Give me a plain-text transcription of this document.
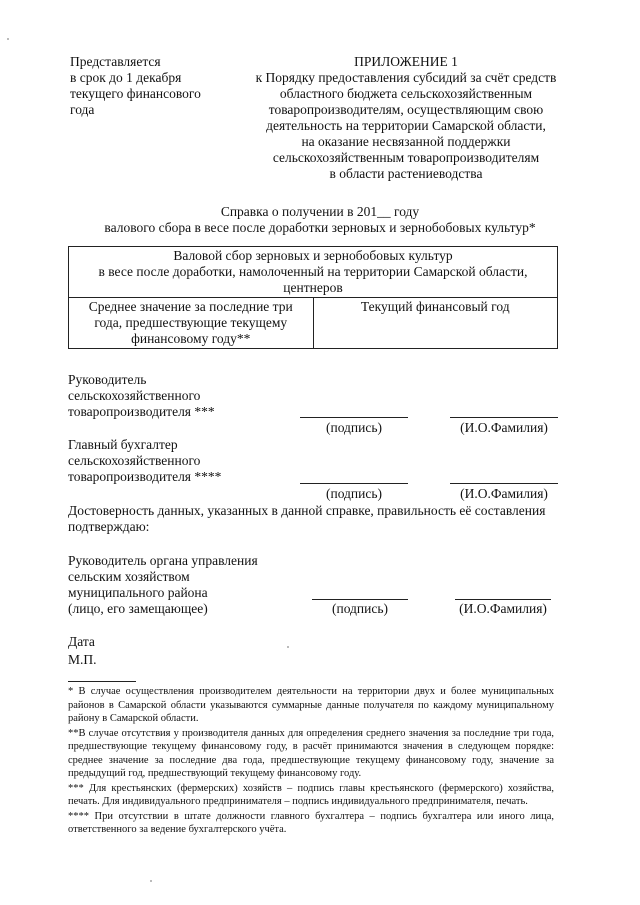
Представляется
в срок до 1 декабря
текущего финансового
года
ПРИЛОЖЕНИЕ 1
к Порядку предоставления субсидий за счёт средств
областного бюджета сельскохозяйственным
товаропроизводителям, осуществляющим свою
деятельность на территории Самарской области,
на оказание несвязанной поддержки
сельскохозяйственным товаропроизводителям
в области растениеводства
Справка о получении в 201__ году
валового сбора в весе после доработки зерновых и зернобобовых культур*
Валовой сбор зерновых и зернобобовых культур
в весе после доработки, намолоченный на территории Самарской области,
центнеров

Среднее значение за последние три
года, предшествующие текущему
финансовому году**
	Текущий финансовый год
Руководитель
сельскохозяйственного
товаропроизводителя ***
(подпись)	(И.О.Фамилия)
Главный бухгалтер
сельскохозяйственного
товаропроизводителя ****
(подпись)	(И.О.Фамилия)
Достоверность данных, указанных в данной справке, правильность её составления
подтверждаю:
Руководитель органа управления
сельским хозяйством
муниципального района
(лицо, его замещающее)	(подпись)	(И.О.Фамилия)
Дата
М.П.

* В случае осуществления производителем деятельности на территории двух и более муниципальных районов в Самарской области указываются суммарные данные получателя по каждому муниципальному району в Самарской области.

**В случае отсутствия у производителя данных для определения среднего значения за последние три года, предшествующие текущему финансовому году, в расчёт принимаются значения в следующем порядке: среднее значение за последние два года, предшествующие текущему финансовому году, значение за предыдущий год, предшествующий текущему финансовому году.

*** Для крестьянских (фермерских) хозяйств – подпись главы крестьянского (фермерского) хозяйства, печать. Для индивидуального предпринимателя – подпись индивидуального предпринимателя, печать.

**** При отсутствии в штате должности главного бухгалтера – подпись бухгалтера или иного лица, ответственного за ведение бухгалтерского учёта.
